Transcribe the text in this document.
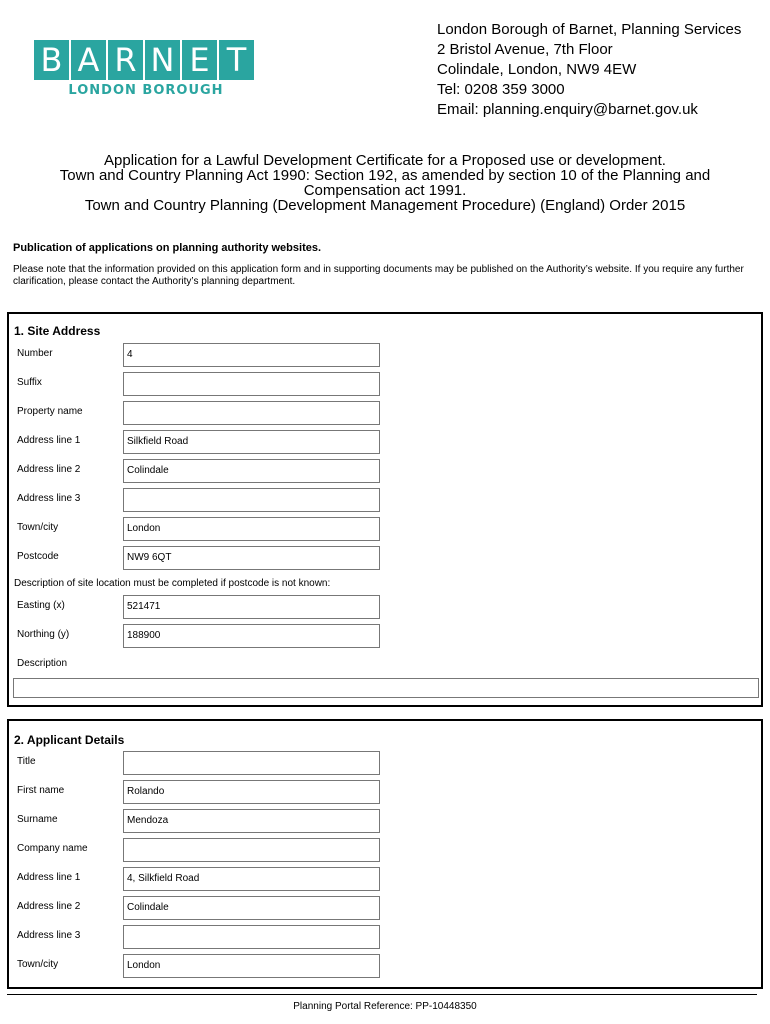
B A R N E T
LONDON BOROUGH
London Borough of Barnet, Planning Services
2 Bristol Avenue, 7th Floor
Colindale, London, NW9 4EW
Tel: 0208 359 3000
Email: planning.enquiry@barnet.gov.uk
Application for a Lawful Development Certificate for a Proposed use or development.
Town and Country Planning Act 1990: Section 192, as amended by section 10 of the Planning and
Compensation act 1991.
Town and Country Planning (Development Management Procedure) (England) Order 2015
Publication of applications on planning authority websites.
Please note that the information provided on this application form and in supporting documents may be published on the Authority’s website. If you require any further clarification, please contact the Authority’s planning department.
1. Site Address
Number	4
Suffix
Property name
Address line 1	Silkfield Road
Address line 2	Colindale
Address line 3
Town/city	London
Postcode	NW9 6QT
Description of site location must be completed if postcode is not known:
Easting (x)	521471
Northing (y)	188900
Description
2. Applicant Details
Title
First name	Rolando
Surname	Mendoza
Company name
Address line 1	4, Silkfield Road
Address line 2	Colindale
Address line 3
Town/city	London
Planning Portal Reference: PP-10448350
